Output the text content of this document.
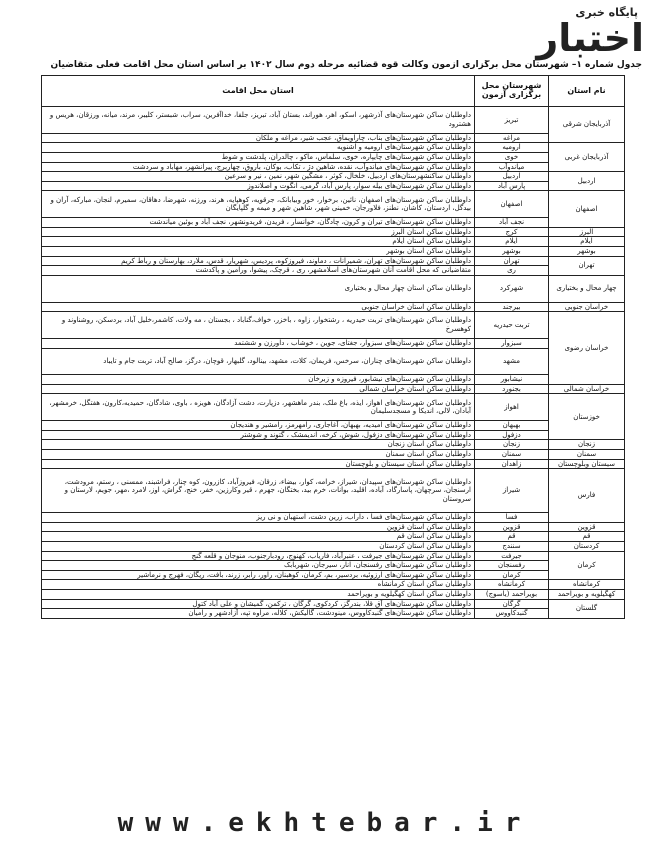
پایگاه خبری
اختبار
جدول شماره ۱– شهرستان محل برگزاری آزمون وکالت قوه قضائیه مرحله دوم سال ۱۴۰۲ بر اساس استان محل اقامت فعلی متقاضیان
نام استان	شهرستان محل برگزاری آزمون	استان محل اقامت
آذربایجان شرقی	تبریز	داوطلبان ساکن شهرستان‌های آذرشهر، اسکو، اهر، هوراند، بستان آباد، تبریز، جلفا، خداآفرین، سراب، شبستر، کلیبر، مرند، میانه، ورزقان، هریس و هشترود
	مراغه	داوطلبان ساکن شهرستان‌های بناب، چاراویماق، عجب شیر، مراغه و ملکان
آذربایجان غربی	ارومیه	داوطلبان ساکن شهرستان‌های ارومیه و اشنویه
	خوی	داوطلبان ساکن شهرستان‌های چایپاره، خوی، سلماس، ماکو ، چالدران، پلدشت و شوط
	میاندوآب	داوطلبان ساکن شهرستان‌های میاندوآب، نقده، شاهین دژ ، تکاب، بوکان، باروق، چهاربرج، پیرانشهر، مهاباد و سردشت
اردبیل	اردبیل	داوطلبان ساکنشهرستان‌های اردبیل، خلخال، کوثر ، مشگین شهر، نمین ، نیر و سرعین
	پارس آباد	داوطلبان ساکن شهرستان‌های بیله سوار، پارس آباد، گرمی، انگوت و اصلاندوز
اصفهان	اصفهان	داوطلبان ساکن شهرستان‌های اصفهان، نائین، برخوار، خور وبیابانک، جرقویه، کوهپایه، هرند، ورزنه، شهرضا، دهاقان، سمیرم، لنجان، مبارکه، آران و بیدگل، اردستان، کاشان، نطنز، فلاورجان، خمینی شهر، شاهین شهر و میمه و گلپایگان
	نجف آباد	داوطلبان ساکن شهرستان‌های تیران و کرون، چادگان، خوانسار ، فریدن، فریدونشهر، نجف آباد و بوئین میاندشت
البرز	کرج	داوطلبان ساکن استان البرز
ایلام	ایلام	داوطلبان ساکن استان ایلام
بوشهر	بوشهر	داوطلبان ساکن استان بوشهر
تهران	تهران	داوطلبان ساکن شهرستان‌های تهران، شمیرانات ، دماوند، فیروزکوه، پردیس، شهریار، قدس، ملارد، بهارستان و رباط کریم
	ری	متقاضیانی که محل اقامت آنان شهرستان‌های اسلامشهر، ری ، قرچک، پیشوا، ورامین و پاکدشت
چهار محال و بختیاری	شهرکرد	داوطلبان ساکن استان چهار محال و بختیاری
خراسان جنوبی	بیرجند	داوطلبان ساکن استان خراسان جنوبی
خراسان رضوی	تربت حیدریه	داوطلبان ساکن شهرستان‌های تربت حیدریه ، رشتخوار، زاوه ، باخزر، خواف،گناباد ، بجستان ، مه ولات، کاشمر،خلیل آباد، بردسکن، روشناوند و کوهسرخ
	سبزوار	داوطلبان ساکن شهرستان‌های سبزوار، جغتای، جوین ، خوشاب ، داورزن و ششتمد
	مشهد	داوطلبان ساکن شهرستان‌های چناران، سرخس، فریمان، کلات، مشهد، بینالود، گلبهار، قوچان، درگز، صالح آباد، تربت جام و تایباد
	نیشابور	داوطلبان ساکن شهرستان‌های نیشابور، فیروزه و زبرخان
خراسان شمالی	بجنورد	داوطلبان ساکن استان خراسان شمالی
خوزستان	اهواز	داوطلبان ساکن شهرستان‌های اهواز، ایذه، باغ ملک، بندر ماهشهر، دزپارت، دشت آزادگان، هویزه ، باوی، شادگان، حمیدیه،کارون، هفتگل، خرمشهر، آبادان، لالی، اندیکا و مسجدسلیمان
	بهبهان	داوطلبان ساکن شهرستان‌های امیدیه، بهبهان، آغاجاری، رامهرمز، رامشیر و هندیجان
	دزفول	داوطلبان ساکن شهرستان‌های دزفول، شوش، کرخه، اندیمشک ، گتوند و شوشتر
زنجان	زنجان	داوطلبان ساکن استان زنجان
سمنان	سمنان	داوطلبان ساکن استان سمنان
سیستان وبلوچستان	زاهدان	داوطلبان ساکن استان سیستان و بلوچستان
فارس	شیراز	داوطلبان ساکن شهرستان‌های سپیدان، شیراز، خرامه، کوار، بیضاء، زرقان، فیروزآباد، کازرون، کوه چنار، فراشبند، ممسنی ، رستم، مرودشت، ارسنجان، سرچهان، پاسارگاد، آباده، اقلید، بوانات، خرم بید، بختگان، جهرم ، قیر وکارزین، خفر، خنج، گراش، اوز، لامرد ،مهر، جویم، لارستان و سروستان
	فسا	داوطلبان ساکن شهرستان‌های فسا ، داراب، زرین دشت، استهبان و نی ریز
قزوین	قزوین	داوطلبان ساکن استان قزوین
قم	قم	داوطلبان ساکن استان قم
کردستان	سنندج	داوطلبان ساکن استان کردستان
کرمان	جیرفت	داوطلبان ساکن شهرستان‌های جیرفت ، عنبرآباد، فاریاب، کهنوج، رودبارجنوب، منوجان و قلعه گنج
	رفسنجان	داوطلبان ساکن شهرستان‌های رفسنجان، انار، سیرجان، شهربابک
	کرمان	داوطلبان ساکن شهرستان‌های ارزوئیه، بردسیر، بم، کرمان، کوهبنان، راور، رابر، زرند، بافت، ریگان، فهرج و نرماشیر
کرمانشاه	کرمانشاه	داوطلبان ساکن استان کرمانشاه
کهگیلویه و بویراحمد	بویراحمد (یاسوج)	داوطلبان ساکن استان کهگیلویه و بویراحمد
گلستان	گرگان	داوطلبان ساکن شهرستان‌های آق قلا، بندرگز، کردکوی، گرگان ، ترکمن، گمیشان و علی آباد کتول
	گنبدکاووس	داوطلبان ساکن شهرستان‌های گنبدکاووس، مینودشت، گالیکش، کلاله، مراوه تپه، آزادشهر و رامیان
www.ekhtebar.ir
